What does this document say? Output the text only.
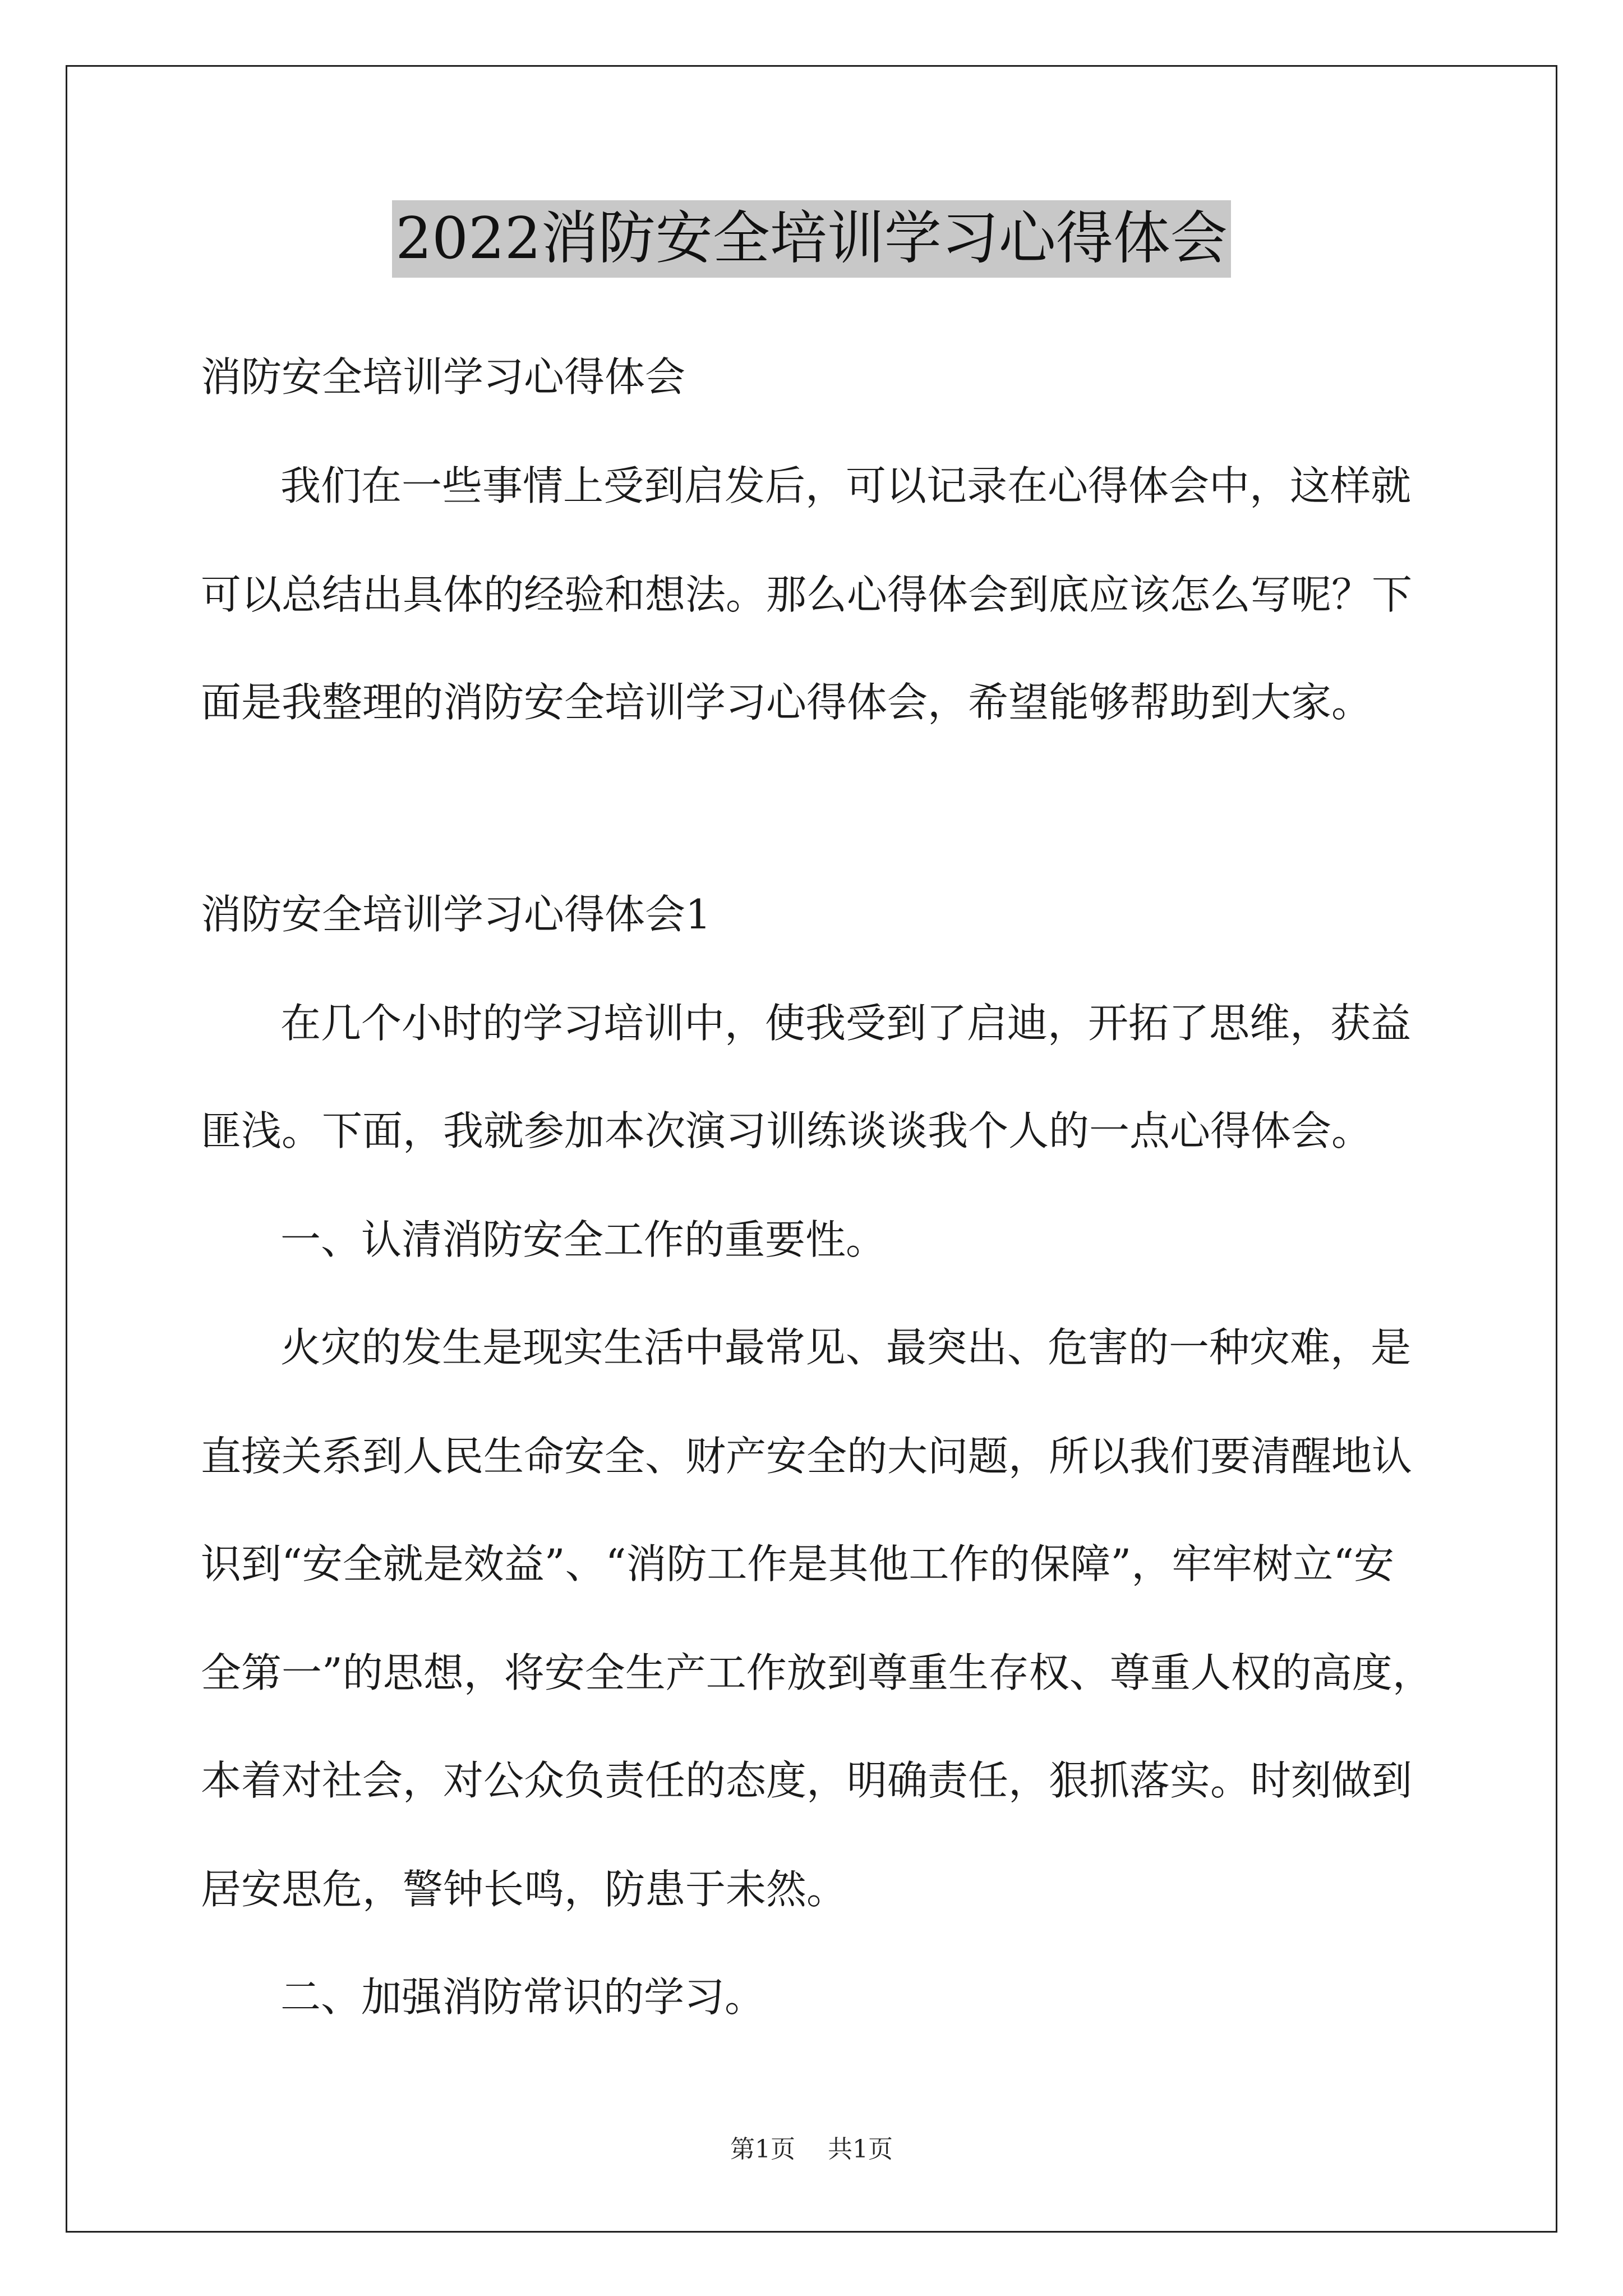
2022消防安全培训学习心得体会
消防安全培训学习心得体会
我们在一些事情上受到启发后，可以记录在心得体会中，这样就
可以总结出具体的经验和想法。那么心得体会到底应该怎么写呢？下
面是我整理的消防安全培训学习心得体会，希望能够帮助到大家。
消防安全培训学习心得体会1
在几个小时的学习培训中，使我受到了启迪，开拓了思维，获益
匪浅。下面，我就参加本次演习训练谈谈我个人的一点心得体会。
一、认清消防安全工作的重要性。
火灾的发生是现实生活中最常见、最突出、危害的一种灾难，是
直接关系到人民生命安全、财产安全的大问题，所以我们要清醒地认
识到“安全就是效益”、“消防工作是其他工作的保障”，牢牢树立“安
全第一”的思想，将安全生产工作放到尊重生存权、尊重人权的高度，
本着对社会，对公众负责任的态度，明确责任，狠抓落实。时刻做到
居安思危，警钟长鸣，防患于未然。
二、加强消防常识的学习。
第1页 共1页
